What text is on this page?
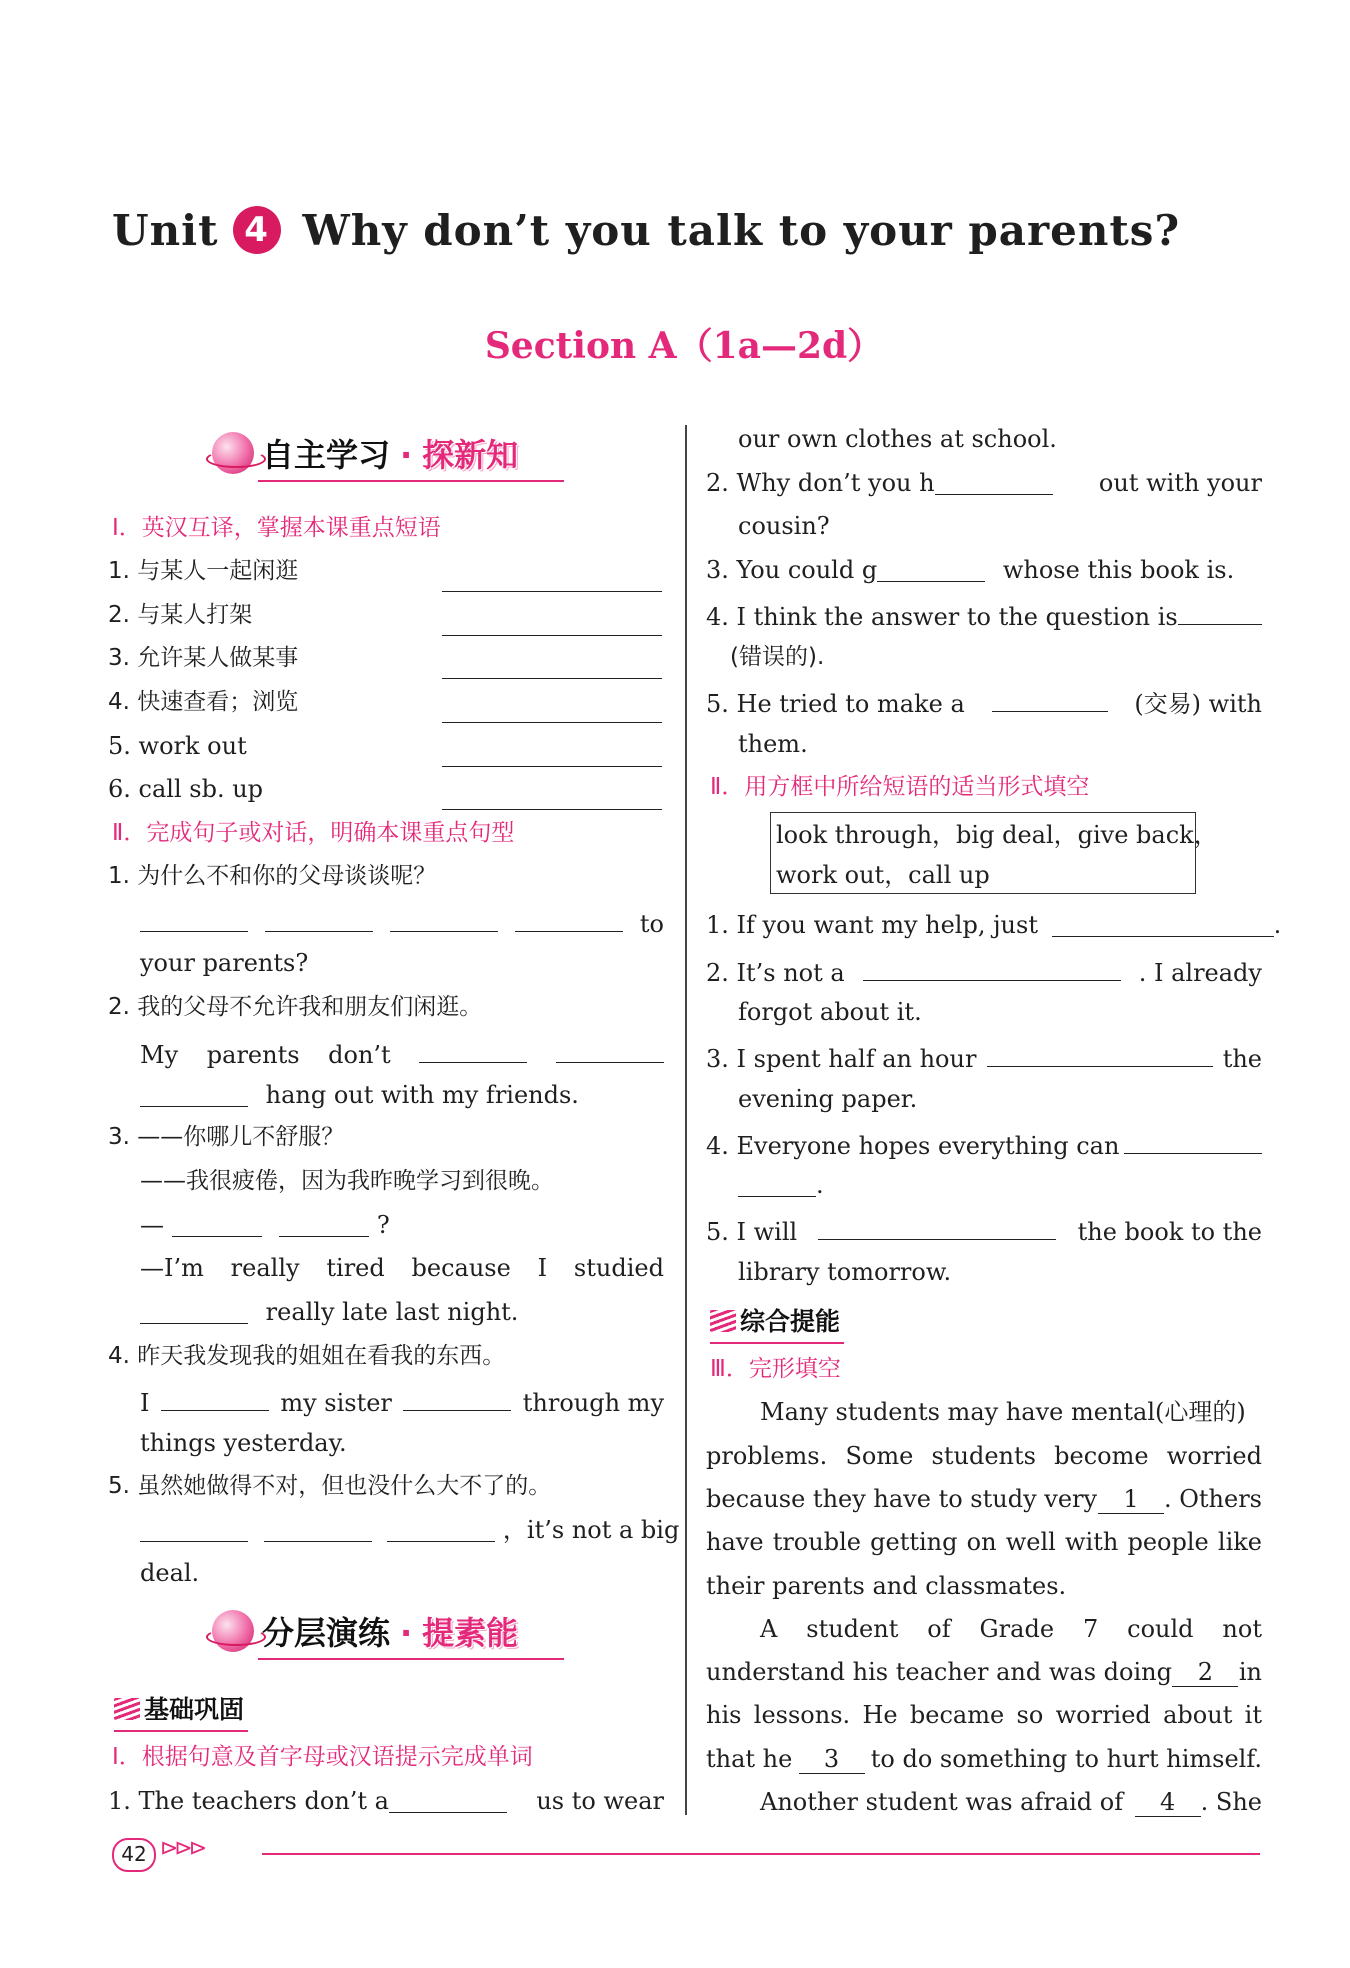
Unit 4 Why don’t you talk to your parents?
Section A（1a—2d）
自主学习 · 探新知
Ⅰ．英汉互译，掌握本课重点短语
1. 与某人一起闲逛
2. 与某人打架
3. 允许某人做某事
4. 快速查看；浏览
5. work out
6. call sb. up
Ⅱ．完成句子或对话，明确本课重点句型
1. 为什么不和你的父母谈谈呢？
to
your parents?
2. 我的父母不允许我和朋友们闲逛。
My parents don’t
hang out with my friends.
3. ——你哪儿不舒服？
——我很疲倦，因为我昨晚学习到很晚。
—	?
—I’m really tired because I studied
really late last night.
4. 昨天我发现我的姐姐在看我的东西。
I	my sister	through my
things yesterday.
5. 虽然她做得不对，但也没什么大不了的。
，it’s not a big
deal.
分层演练 · 提素能
基础巩固
Ⅰ．根据句意及首字母或汉语提示完成单词
1. The teachers don’t a	us to wear
our own clothes at school.
2. Why don’t you h	out with your
cousin?
3. You could g	whose this book is.
4. I think the answer to the question is
(错误的).
5. He tried to make a	(交易) with
them.
Ⅱ．用方框中所给短语的适当形式填空
look through，big deal，give back，
work out，call up
1. If you want my help, just	.
2. It’s not a	. I already
forgot about it.
3. I spent half an hour	the
evening paper.
4. Everyone hopes everything can
.
5. I will	the book to the
library tomorrow.
综合提能
Ⅲ．完形填空
Many students may have mental(心理的)
problems. Some students become worried
because they have to study very	1 . Others
have trouble getting on well with people like
their parents and classmates.
A student of Grade 7 could not
understand his teacher and was doing	2	in
his lessons. He became so worried about it
that he	3	to do something to hurt himself.
Another student was afraid of	4 . She
42 ⊳⊳⊳
